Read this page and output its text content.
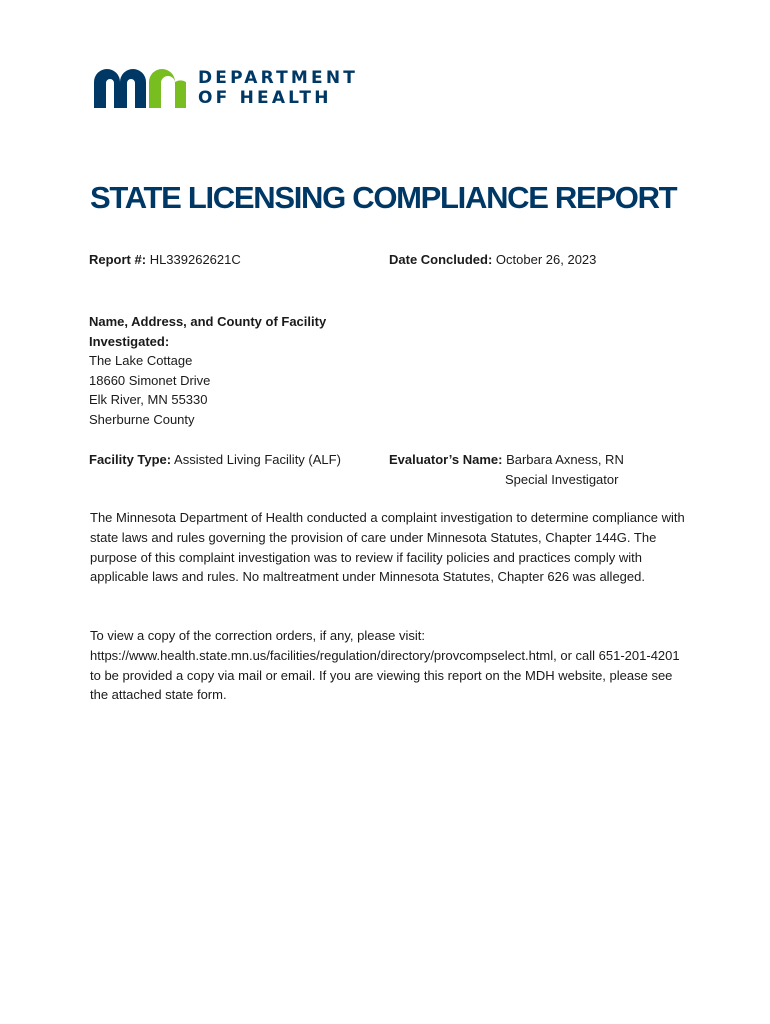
DEPARTMENT
OF HEALTH
STATE LICENSING COMPLIANCE REPORT
Report #: HL339262621C	Date Concluded: October 26, 2023
Name, Address, and County of Facility Investigated:
The Lake Cottage
18660 Simonet Drive
Elk River, MN 55330
Sherburne County
Facility Type: Assisted Living Facility (ALF)	Evaluator’s Name: Barbara Axness, RN
Special Investigator

The Minnesota Department of Health conducted a complaint investigation to determine compliance with state laws and rules governing the provision of care under Minnesota Statutes, Chapter 144G. The purpose of this complaint investigation was to review if facility policies and practices comply with applicable laws and rules. No maltreatment under Minnesota Statutes, Chapter 626 was alleged.

To view a copy of the correction orders, if any, please visit: https://www.health.state.mn.us/facilities/regulation/directory/provcompselect.html, or call 651-201-4201 to be provided a copy via mail or email. If you are viewing this report on the MDH website, please see the attached state form.
